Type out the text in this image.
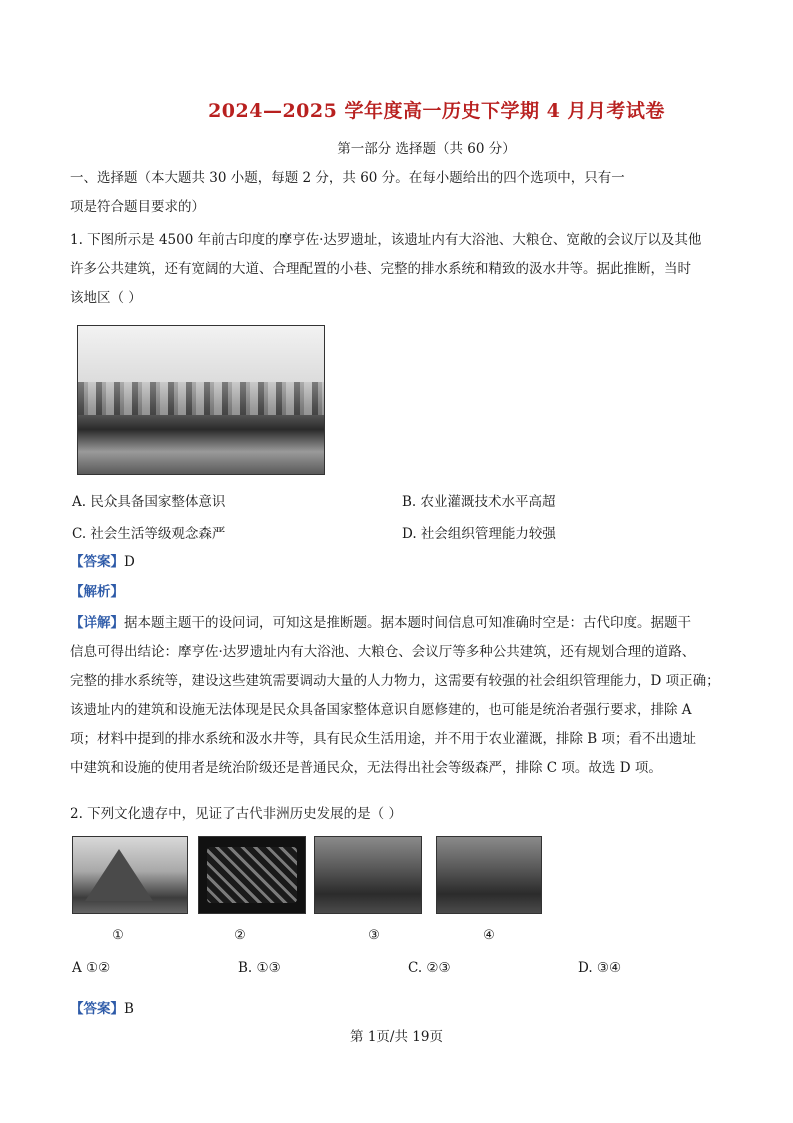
2024—2025 学年度高一历史下学期 4 月月考试卷
第一部分 选择题（共 60 分）
一、选择题（本大题共 30 小题，每题 2 分，共 60 分。在每小题给出的四个选项中，只有一
项是符合题目要求的）
1. 下图所示是 4500 年前古印度的摩亨佐·达罗遗址，该遗址内有大浴池、大粮仓、宽敞的会议厅以及其他
许多公共建筑，还有宽阔的大道、合理配置的小巷、完整的排水系统和精致的汲水井等。据此推断，当时
该地区（ ）
A. 民众具备国家整体意识	B. 农业灌溉技术水平高超
C. 社会生活等级观念森严	D. 社会组织管理能力较强
【答案】D
【解析】
【详解】据本题主题干的设问词，可知这是推断题。据本题时间信息可知准确时空是：古代印度。据题干
信息可得出结论：摩亨佐·达罗遗址内有大浴池、大粮仓、会议厅等多种公共建筑，还有规划合理的道路、
完整的排水系统等，建设这些建筑需要调动大量的人力物力，这需要有较强的社会组织管理能力，D 项正确；
该遗址内的建筑和设施无法体现是民众具备国家整体意识自愿修建的，也可能是统治者强行要求，排除 A
项；材料中提到的排水系统和汲水井等，具有民众生活用途，并不用于农业灌溉，排除 B 项；看不出遗址
中建筑和设施的使用者是统治阶级还是普通民众，无法得出社会等级森严，排除 C 项。故选 D 项。
2. 下列文化遗存中，见证了古代非洲历史发展的是（ ）
①	②	③	④
A ①②	B. ①③	C. ②③	D. ③④
【答案】B
第 1页/共 19页
